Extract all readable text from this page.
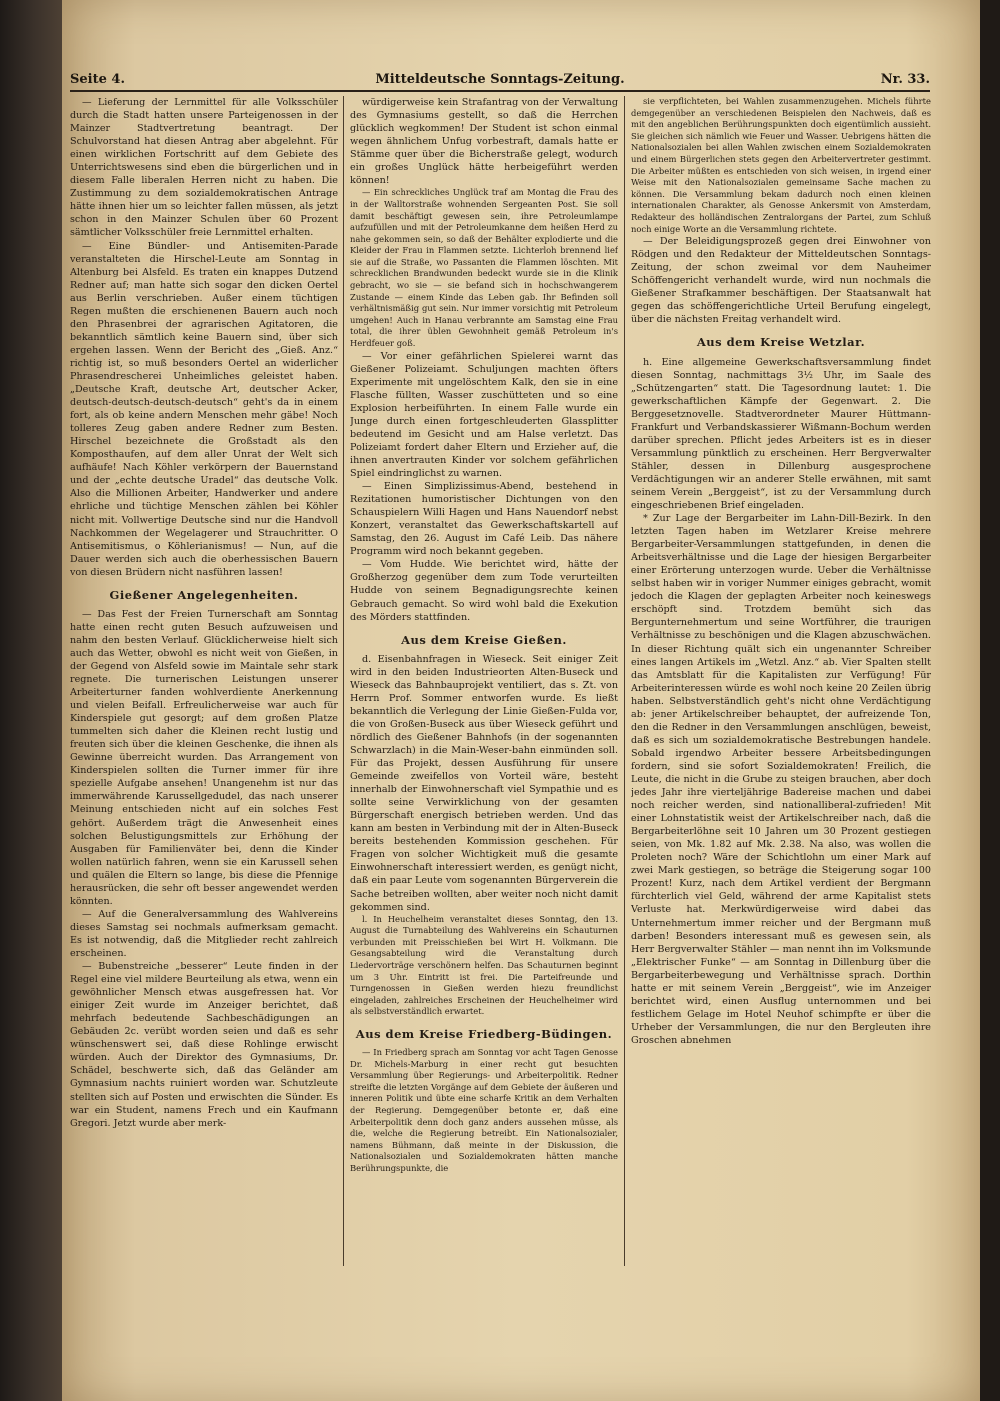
Seite 4.	Mitteldeutsche Sonntags-Zeitung.	Nr. 33.

— Lieferung der Lernmittel für alle Volksschüler durch die Stadt hatten unsere Parteigenossen in der Mainzer Stadtvertretung beantragt. Der Schulvorstand hat diesen Antrag aber abgelehnt. Für einen wirklichen Fortschritt auf dem Gebiete des Unterrichtswesens sind eben die bürgerlichen und in diesem Falle liberalen Herren nicht zu haben. Die Zustimmung zu dem sozialdemokratischen Antrage hätte ihnen hier um so leichter fallen müssen, als jetzt schon in den Mainzer Schulen über 60 Prozent sämtlicher Volksschüler freie Lernmittel erhalten.

— Eine Bündler- und Antisemiten-Parade veranstalteten die Hirschel-Leute am Sonntag in Altenburg bei Alsfeld. Es traten ein knappes Dutzend Redner auf; man hatte sich sogar den dicken Oertel aus Berlin verschrieben. Außer einem tüchtigen Regen mußten die erschienenen Bauern auch noch den Phrasenbrei der agrarischen Agitatoren, die bekanntlich sämtlich keine Bauern sind, über sich ergehen lassen. Wenn der Bericht des „Gieß. Anz.“ richtig ist, so muß besonders Oertel an widerlicher Phrasendrescherei Unheimliches geleistet haben. „Deutsche Kraft, deutsche Art, deutscher Acker, deutsch-deutsch-deutsch-deutsch“ geht's da in einem fort, als ob keine andern Menschen mehr gäbe! Noch tolleres Zeug gaben andere Redner zum Besten. Hirschel bezeichnete die Großstadt als den Komposthaufen, auf dem aller Unrat der Welt sich aufhäufe! Nach Köhler verkörpern der Bauernstand und der „echte deutsche Uradel“ das deutsche Volk. Also die Millionen Arbeiter, Handwerker und andere ehrliche und tüchtige Menschen zählen bei Köhler nicht mit. Vollwertige Deutsche sind nur die Handvoll Nachkommen der Wegelagerer und Strauchritter. O Antisemitismus, o Köhlerianismus! — Nun, auf die Dauer werden sich auch die oberhessischen Bauern von diesen Brüdern nicht nasführen lassen!

Gießener Angelegenheiten.

— Das Fest der Freien Turnerschaft am Sonntag hatte einen recht guten Besuch aufzuweisen und nahm den besten Verlauf. Glücklicherweise hielt sich auch das Wetter, obwohl es nicht weit von Gießen, in der Gegend von Alsfeld sowie im Maintale sehr stark regnete. Die turnerischen Leistungen unserer Arbeiterturner fanden wohlverdiente Anerkennung und vielen Beifall. Erfreulicherweise war auch für Kinderspiele gut gesorgt; auf dem großen Platze tummelten sich daher die Kleinen recht lustig und freuten sich über die kleinen Geschenke, die ihnen als Gewinne überreicht wurden. Das Arrangement von Kinderspielen sollten die Turner immer für ihre spezielle Aufgabe ansehen! Unangenehm ist nur das immerwährende Karussellgedudel, das nach unserer Meinung entschieden nicht auf ein solches Fest gehört. Außerdem trägt die Anwesenheit eines solchen Belustigungsmittels zur Erhöhung der Ausgaben für Familienväter bei, denn die Kinder wollen natürlich fahren, wenn sie ein Karussell sehen und quälen die Eltern so lange, bis diese die Pfennige herausrücken, die sehr oft besser angewendet werden könnten.

— Auf die Generalversammlung des Wahlvereins dieses Samstag sei nochmals aufmerksam gemacht. Es ist notwendig, daß die Mitglieder recht zahlreich erscheinen.

— Bubenstreiche „besserer“ Leute finden in der Regel eine viel mildere Beurteilung als etwa, wenn ein gewöhnlicher Mensch etwas ausgefressen hat. Vor einiger Zeit wurde im Anzeiger berichtet, daß mehrfach bedeutende Sachbeschädigungen an Gebäuden 2c. verübt worden seien und daß es sehr wünschenswert sei, daß diese Rohlinge erwischt würden. Auch der Direktor des Gymnasiums, Dr. Schädel, beschwerte sich, daß das Geländer am Gymnasium nachts ruiniert worden war. Schutzleute stellten sich auf Posten und erwischten die Sünder. Es war ein Student, namens Frech und ein Kaufmann Gregori. Jetzt wurde aber merk-

würdigerweise kein Strafantrag von der Verwaltung des Gymnasiums gestellt, so daß die Herrchen glücklich wegkommen! Der Student ist schon einmal wegen ähnlichem Unfug vorbestraft, damals hatte er Stämme quer über die Bicherstraße gelegt, wodurch ein großes Unglück hätte herbeigeführt werden können!

— Ein schreckliches Unglück traf am Montag die Frau des in der Walltorstraße wohnenden Sergeanten Post. Sie soll damit beschäftigt gewesen sein, ihre Petroleumlampe aufzufüllen und mit der Petroleumkanne dem heißen Herd zu nahe gekommen sein, so daß der Behälter explodierte und die Kleider der Frau in Flammen setzte. Lichterloh brennend lief sie auf die Straße, wo Passanten die Flammen löschten. Mit schrecklichen Brandwunden bedeckt wurde sie in die Klinik gebracht, wo sie — sie befand sich in hochschwangerem Zustande — einem Kinde das Leben gab. Ihr Befinden soll verhältnismäßig gut sein. Nur immer vorsichtig mit Petroleum umgehen! Auch in Hanau verbrannte am Samstag eine Frau total, die ihrer üblen Gewohnheit gemäß Petroleum in's Herdfeuer goß.

— Vor einer gefährlichen Spielerei warnt das Gießener Polizeiamt. Schuljungen machten öfters Experimente mit ungelöschtem Kalk, den sie in eine Flasche füllten, Wasser zuschütteten und so eine Explosion herbeiführten. In einem Falle wurde ein Junge durch einen fortgeschleuderten Glassplitter bedeutend im Gesicht und am Halse verletzt. Das Polizeiamt fordert daher Eltern und Erzieher auf, die ihnen anvertrauten Kinder vor solchem gefährlichen Spiel eindringlichst zu warnen.

— Einen Simplizissimus-Abend, bestehend in Rezitationen humoristischer Dichtungen von den Schauspielern Willi Hagen und Hans Nauendorf nebst Konzert, veranstaltet das Gewerkschaftskartell auf Samstag, den 26. August im Café Leib. Das nähere Programm wird noch bekannt gegeben.

— Vom Hudde. Wie berichtet wird, hätte der Großherzog gegenüber dem zum Tode verurteilten Hudde von seinem Begnadigungsrechte keinen Gebrauch gemacht. So wird wohl bald die Exekution des Mörders stattfinden.

Aus dem Kreise Gießen.

d. Eisenbahnfragen in Wieseck. Seit einiger Zeit wird in den beiden Industrieorten Alten-Buseck und Wieseck das Bahnbauprojekt ventiliert, das s. Zt. von Herrn Prof. Sommer entworfen wurde. Es ließt bekanntlich die Verlegung der Linie Gießen-Fulda vor, die von Großen-Buseck aus über Wieseck geführt und nördlich des Gießener Bahnhofs (in der sogenannten Schwarzlach) in die Main-Weser-bahn einmünden soll. Für das Projekt, dessen Ausführung für unsere Gemeinde zweifellos von Vorteil wäre, besteht innerhalb der Einwohnerschaft viel Sympathie und es sollte seine Verwirklichung von der gesamten Bürgerschaft energisch betrieben werden. Und das kann am besten in Verbindung mit der in Alten-Buseck bereits bestehenden Kommission geschehen. Für Fragen von solcher Wichtigkeit muß die gesamte Einwohnerschaft interessiert werden, es genügt nicht, daß ein paar Leute vom sogenannten Bürgerverein die Sache betreiben wollten, aber weiter noch nicht damit gekommen sind.

l. In Heuchelheim veranstaltet dieses Sonntag, den 13. August die Turnabteilung des Wahlvereins ein Schauturnen verbunden mit Preisschießen bei Wirt H. Volkmann. Die Gesangsabteilung wird die Veranstaltung durch Liedervorträge verschönern helfen. Das Schauturnen beginnt um 3 Uhr. Eintritt ist frei. Die Parteifreunde und Turngenossen in Gießen werden hiezu freundlichst eingeladen, zahlreiches Erscheinen der Heuchelheimer wird als selbstverständlich erwartet.

Aus dem Kreise Friedberg-Büdingen.

— In Friedberg sprach am Sonntag vor acht Tagen Genosse Dr. Michels-Marburg in einer recht gut besuchten Versammlung über Regierungs- und Arbeiterpolitik. Redner streifte die letzten Vorgänge auf dem Gebiete der äußeren und inneren Politik und übte eine scharfe Kritik an dem Verhalten der Regierung. Demgegenüber betonte er, daß eine Arbeiterpolitik denn doch ganz anders aussehen müsse, als die, welche die Regierung betreibt. Ein Nationalsozialer, namens Bühmann, daß meinte in der Diskussion, die Nationalsozialen und Sozialdemokraten hätten manche Berührungspunkte, die

sie verpflichteten, bei Wahlen zusammenzugehen. Michels führte demgegenüber an verschiedenen Beispielen den Nachweis, daß es mit den angeblichen Berührungspunkten doch eigentümlich aussieht. Sie gleichen sich nämlich wie Feuer und Wasser. Uebrigens hätten die Nationalsozialen bei allen Wahlen zwischen einem Sozialdemokraten und einem Bürgerlichen stets gegen den Arbeitervertreter gestimmt. Die Arbeiter müßten es entschieden von sich weisen, in irgend einer Weise mit den Nationalsozialen gemeinsame Sache machen zu können. Die Versammlung bekam dadurch noch einen kleinen internationalen Charakter, als Genosse Ankersmit von Amsterdam, Redakteur des holländischen Zentralorgans der Partei, zum Schluß noch einige Worte an die Versammlung richtete.

— Der Beleidigungsprozeß gegen drei Einwohner von Rödgen und den Redakteur der Mitteldeutschen Sonntags-Zeitung, der schon zweimal vor dem Nauheimer Schöffengericht verhandelt wurde, wird nun nochmals die Gießener Strafkammer beschäftigen. Der Staatsanwalt hat gegen das schöffengerichtliche Urteil Berufung eingelegt, über die nächsten Freitag verhandelt wird.

Aus dem Kreise Wetzlar.

h. Eine allgemeine Gewerkschaftsversammlung findet diesen Sonntag, nachmittags 3½ Uhr, im Saale des „Schützengarten“ statt. Die Tagesordnung lautet: 1. Die gewerkschaftlichen Kämpfe der Gegenwart. 2. Die Berggesetznovelle. Stadtverordneter Maurer Hüttmann-Frankfurt und Verbandskassierer Wißmann-Bochum werden darüber sprechen. Pflicht jedes Arbeiters ist es in dieser Versammlung pünktlich zu erscheinen. Herr Bergverwalter Stähler, dessen in Dillenburg ausgesprochene Verdächtigungen wir an anderer Stelle erwähnen, mit samt seinem Verein „Berggeist“, ist zu der Versammlung durch eingeschriebenen Brief eingeladen.

* Zur Lage der Bergarbeiter im Lahn-Dill-Bezirk. In den letzten Tagen haben im Wetzlarer Kreise mehrere Bergarbeiter-Versammlungen stattgefunden, in denen die Arbeitsverhältnisse und die Lage der hiesigen Bergarbeiter einer Erörterung unterzogen wurde. Ueber die Verhältnisse selbst haben wir in voriger Nummer einiges gebracht, womit jedoch die Klagen der geplagten Arbeiter noch keineswegs erschöpft sind. Trotzdem bemüht sich das Bergunternehmertum und seine Wortführer, die traurigen Verhältnisse zu beschönigen und die Klagen abzuschwächen. In dieser Richtung quält sich ein ungenannter Schreiber eines langen Artikels im „Wetzl. Anz.“ ab. Vier Spalten stellt das Amtsblatt für die Kapitalisten zur Verfügung! Für Arbeiterinteressen würde es wohl noch keine 20 Zeilen übrig haben. Selbstverständlich geht's nicht ohne Verdächtigung ab: jener Artikelschreiber behauptet, der aufreizende Ton, den die Redner in den Versammlungen anschlügen, beweist, daß es sich um sozialdemokratische Bestrebungen handele. Sobald irgendwo Arbeiter bessere Arbeitsbedingungen fordern, sind sie sofort Sozialdemokraten! Freilich, die Leute, die nicht in die Grube zu steigen brauchen, aber doch jedes Jahr ihre vierteljährige Badereise machen und dabei noch reicher werden, sind nationalliberal-zufrieden! Mit einer Lohnstatistik weist der Artikelschreiber nach, daß die Bergarbeiterlöhne seit 10 Jahren um 30 Prozent gestiegen seien, von Mk. 1.82 auf Mk. 2.38. Na also, was wollen die Proleten noch? Wäre der Schichtlohn um einer Mark auf zwei Mark gestiegen, so beträge die Steigerung sogar 100 Prozent! Kurz, nach dem Artikel verdient der Bergmann fürchterlich viel Geld, während der arme Kapitalist stets Verluste hat. Merkwürdigerweise wird dabei das Unternehmertum immer reicher und der Bergmann muß darben! Besonders interessant muß es gewesen sein, als Herr Bergverwalter Stähler — man nennt ihn im Volksmunde „Elektrischer Funke“ — am Sonntag in Dillenburg über die Bergarbeiterbewegung und Verhältnisse sprach. Dorthin hatte er mit seinem Verein „Berggeist“, wie im Anzeiger berichtet wird, einen Ausflug unternommen und bei festlichem Gelage im Hotel Neuhof schimpfte er über die Urheber der Versammlungen, die nur den Bergleuten ihre Groschen abnehmen
